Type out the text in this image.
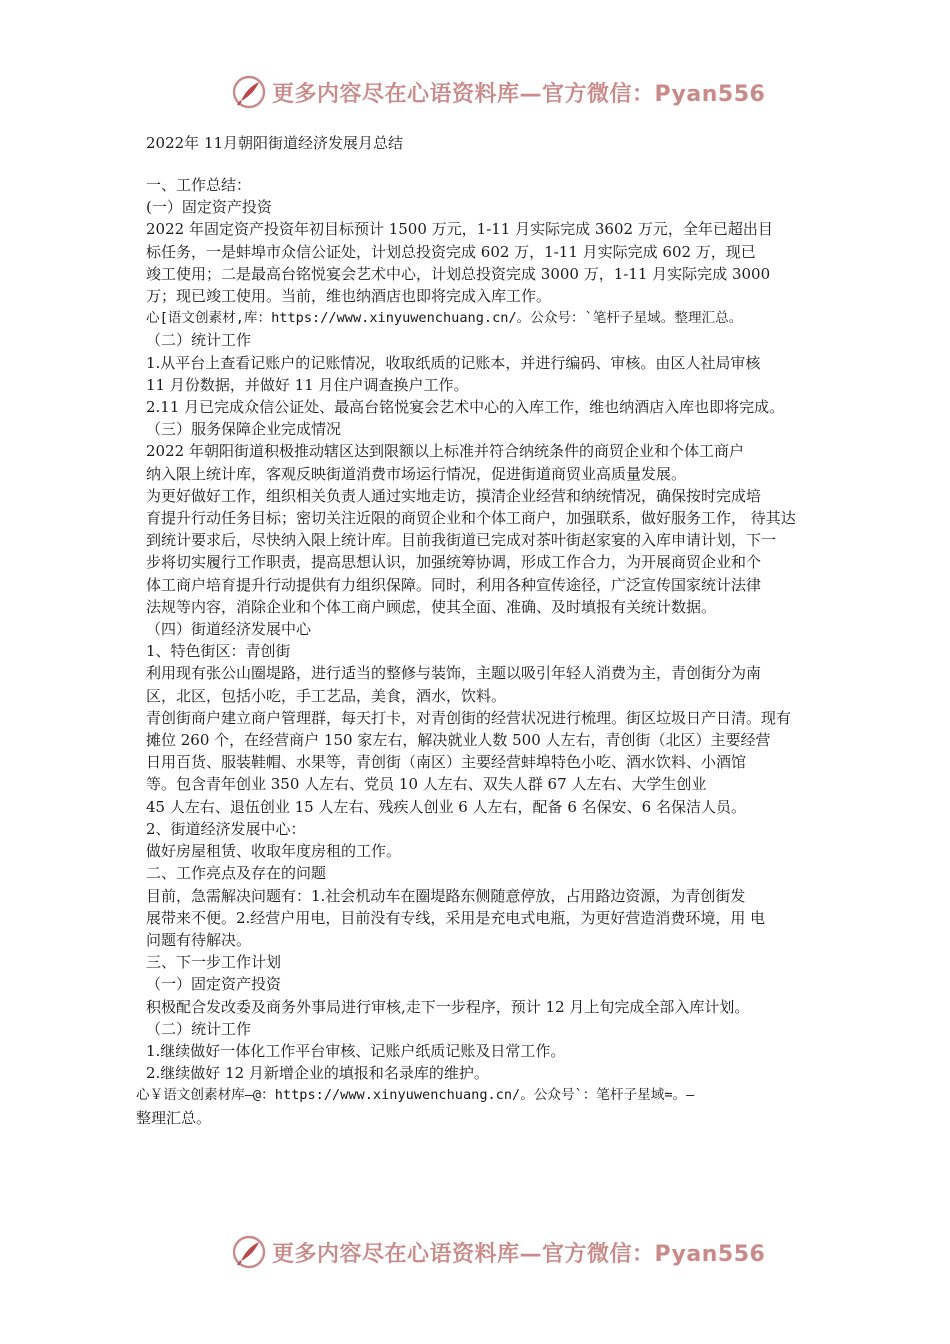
更多内容尽在心语资料库—官方微信：Pyan556
2022年 11月朝阳街道经济发展月总结
一、工作总结：
(一）固定资产投资
2022 年固定资产投资年初目标预计 1500 万元，1-11 月实际完成 3602 万元，全年已超出目
标任务，一是蚌埠市众信公证处，计划总投资完成 602 万，1-11 月实际完成 602 万，现已
竣工使用；二是最高台铭悦宴会艺术中心，计划总投资完成 3000 万，1-11 月实际完成 3000
万；现已竣工使用。当前，维也纳酒店也即将完成入库工作。
心[语文创素材,库：https://www.xinyuwenchuang.cn/。公众号：`笔杆子星域。整理汇总。
（二）统计工作
1.从平台上查看记账户的记账情况，收取纸质的记账本，并进行编码、审核。由区人社局审核
11 月份数据，并做好 11 月住户调查换户工作。
2.11 月已完成众信公证处、最高台铭悦宴会艺术中心的入库工作，维也纳酒店入库也即将完成。
（三）服务保障企业完成情况
2022 年朝阳街道积极推动辖区达到限额以上标准并符合纳统条件的商贸企业和个体工商户
纳入限上统计库，客观反映街道消费市场运行情况，促进街道商贸业高质量发展。
为更好做好工作，组织相关负责人通过实地走访，摸清企业经营和纳统情况，确保按时完成培
育提升行动任务目标；密切关注近限的商贸企业和个体工商户，加强联系，做好服务工作， 待其达
到统计要求后，尽快纳入限上统计库。目前我街道已完成对茶叶街赵家宴的入库申请计划，下一
步将切实履行工作职责，提高思想认识，加强统筹协调，形成工作合力，为开展商贸企业和个
体工商户培育提升行动提供有力组织保障。同时，利用各种宣传途径，广泛宣传国家统计法律
法规等内容，消除企业和个体工商户顾虑，使其全面、准确、及时填报有关统计数据。
（四）街道经济发展中心
1、特色街区：青创街
利用现有张公山圈堤路，进行适当的整修与装饰，主题以吸引年轻人消费为主，青创街分为南
区，北区，包括小吃，手工艺品，美食，酒水，饮料。
青创街商户建立商户管理群，每天打卡，对青创街的经营状况进行梳理。街区垃圾日产日清。现有
摊位 260 个，在经营商户 150 家左右，解决就业人数 500 人左右，青创街（北区）主要经营
日用百货、服装鞋帽、水果等，青创街（南区）主要经营蚌埠特色小吃、酒水饮料、小酒馆
等。包含青年创业 350 人左右、党员 10 人左右、双失人群 67 人左右、大学生创业
45 人左右、退伍创业 15 人左右、残疾人创业 6 人左右，配备 6 名保安、6 名保洁人员。
2、街道经济发展中心：
做好房屋租赁、收取年度房租的工作。
二、工作亮点及存在的问题
目前，急需解决问题有：1.社会机动车在圈堤路东侧随意停放，占用路边资源，为青创街发
展带来不便。2.经营户用电，目前没有专线，采用是充电式电瓶，为更好营造消费环境，用 电
问题有待解决。
三、下一步工作计划
（一）固定资产投资
积极配合发改委及商务外事局进行审核,走下一步程序，预计 12 月上旬完成全部入库计划。
（二）统计工作
1.继续做好一体化工作平台审核、记账户纸质记账及日常工作。
2.继续做好 12 月新增企业的填报和名录库的维护。
心￥语文创素材库—@：https://www.xinyuwenchuang.cn/。公众号`：笔杆子星域=。—
整理汇总。
更多内容尽在心语资料库—官方微信：Pyan556
